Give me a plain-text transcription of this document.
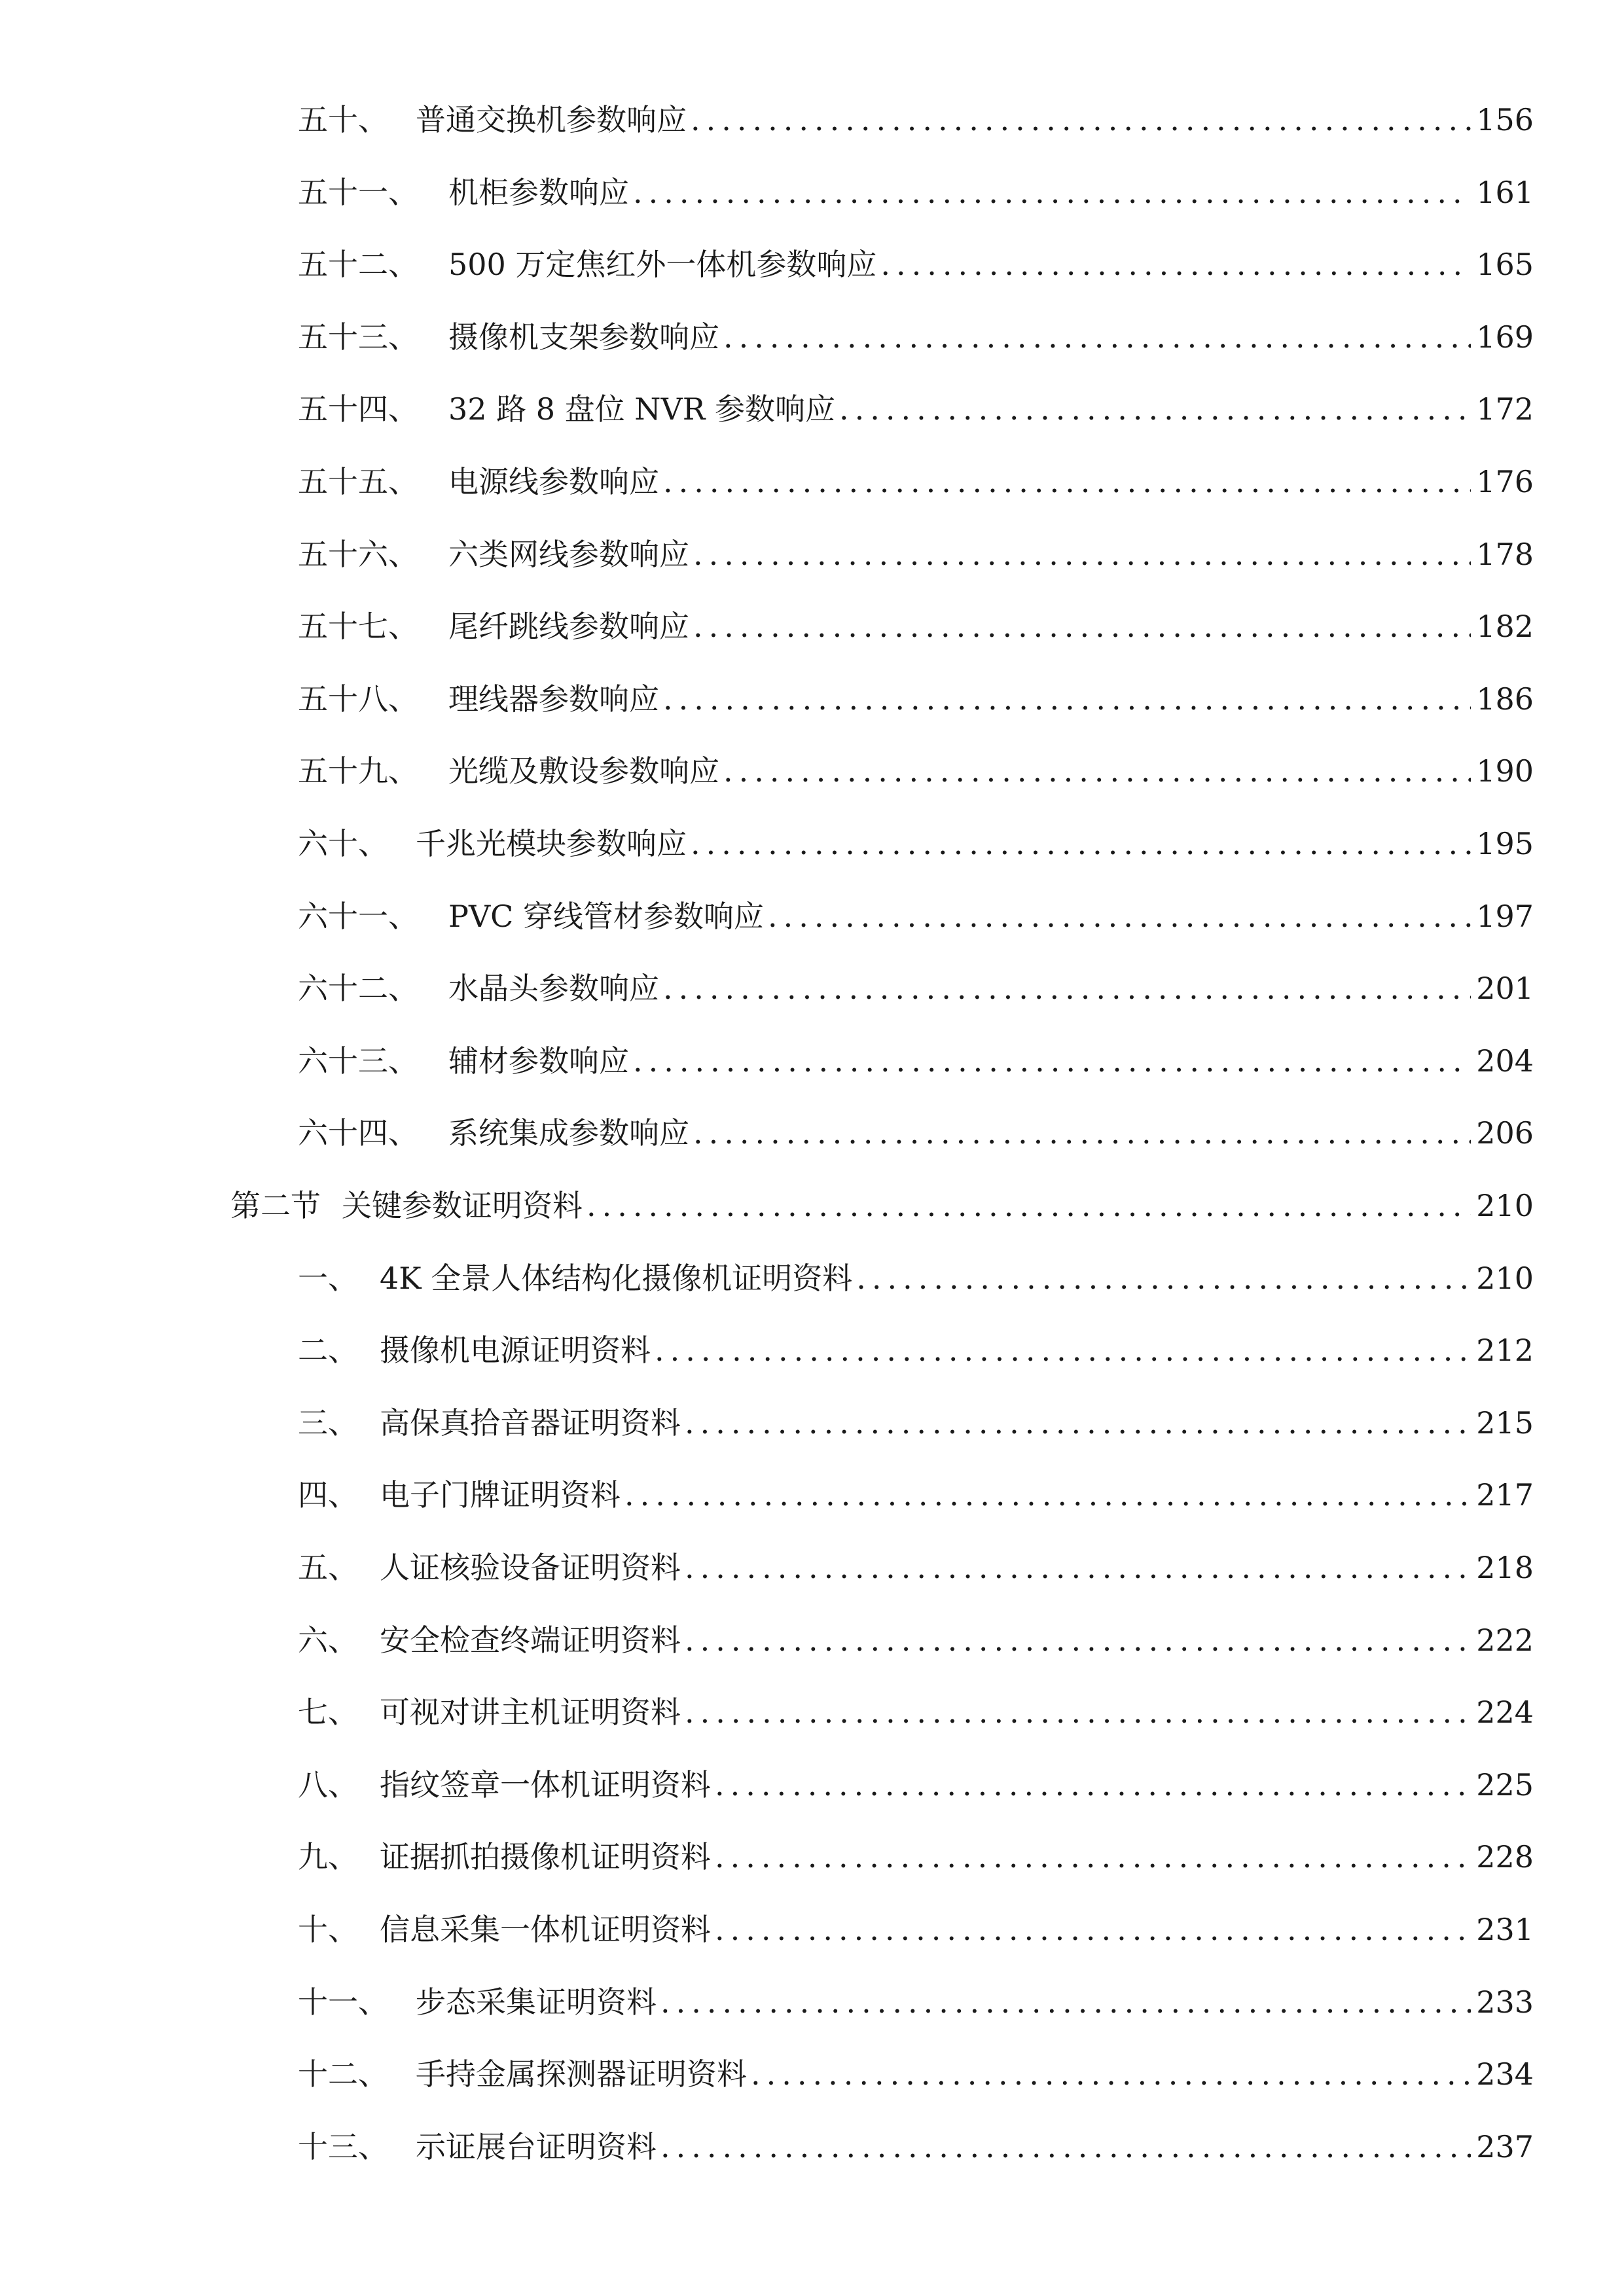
五十、 普通交换机参数响应 .....	156
五十一、	机柜参数响应 .....	161
五十二、	500 万定焦红外一体机参数响应 .....	165
五十三、	摄像机支架参数响应 .....	169
五十四、	32 路 8 盘位 NVR 参数响应 .....	172
五十五、	电源线参数响应 .....	176
五十六、	六类网线参数响应 .....	178
五十七、	尾纤跳线参数响应 .....	182
五十八、	理线器参数响应 .....	186
五十九、	光缆及敷设参数响应 .....	190
六十、 千兆光模块参数响应 .....	195
六十一、	PVC 穿线管材参数响应 .....	197
六十二、	水晶头参数响应 .....	201
六十三、	辅材参数响应 .....	204
六十四、	系统集成参数响应 .....	206
第二节 关键参数证明资料 .....	210
一、 4K 全景人体结构化摄像机证明资料 .....	210
二、 摄像机电源证明资料 .....	212
三、 高保真拾音器证明资料 .....	215
四、 电子门牌证明资料 .....	217
五、 人证核验设备证明资料 .....	218
六、 安全检查终端证明资料 .....	222
七、 可视对讲主机证明资料 .....	224
八、 指纹签章一体机证明资料 .....	225
九、 证据抓拍摄像机证明资料 .....	228
十、 信息采集一体机证明资料 .....	231
十一、 步态采集证明资料 .....	233
十二、 手持金属探测器证明资料 .....	234
十三、 示证展台证明资料 .....	237
